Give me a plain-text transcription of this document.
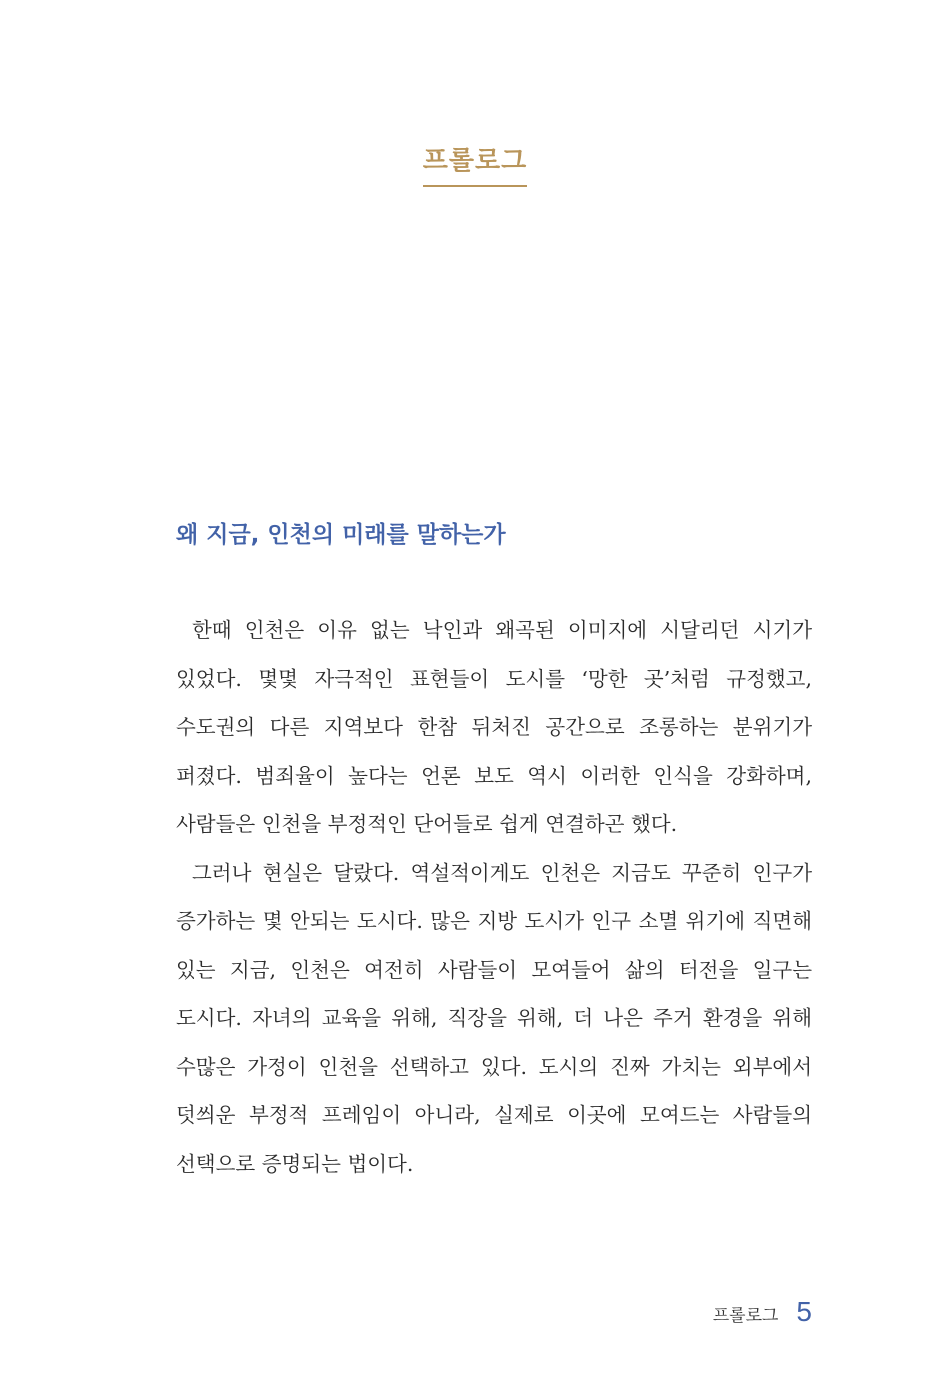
프롤로그
왜 지금, 인천의 미래를 말하는가

한때 인천은 이유 없는 낙인과 왜곡된 이미지에 시달리던 시기가 있었다. 몇몇 자극적인 표현들이 도시를 ‘망한 곳’처럼 규정했고, 수도권의 다른 지역보다 한참 뒤처진 공간으로 조롱하는 분위기가 퍼졌다. 범죄율이 높다는 언론 보도 역시 이러한 인식을 강화하며, 사람들은 인천을 부정적인 단어들로 쉽게 연결하곤 했다.

그러나 현실은 달랐다. 역설적이게도 인천은 지금도 꾸준히 인구가 증가하는 몇 안되는 도시다. 많은 지방 도시가 인구 소멸 위기에 직면해 있는 지금, 인천은 여전히 사람들이 모여들어 삶의 터전을 일구는 도시다. 자녀의 교육을 위해, 직장을 위해, 더 나은 주거 환경을 위해 수많은 가정이 인천을 선택하고 있다. 도시의 진짜 가치는 외부에서 덧씌운 부정적 프레임이 아니라, 실제로 이곳에 모여드는 사람들의 선택으로 증명되는 법이다.

프롤로그 5
